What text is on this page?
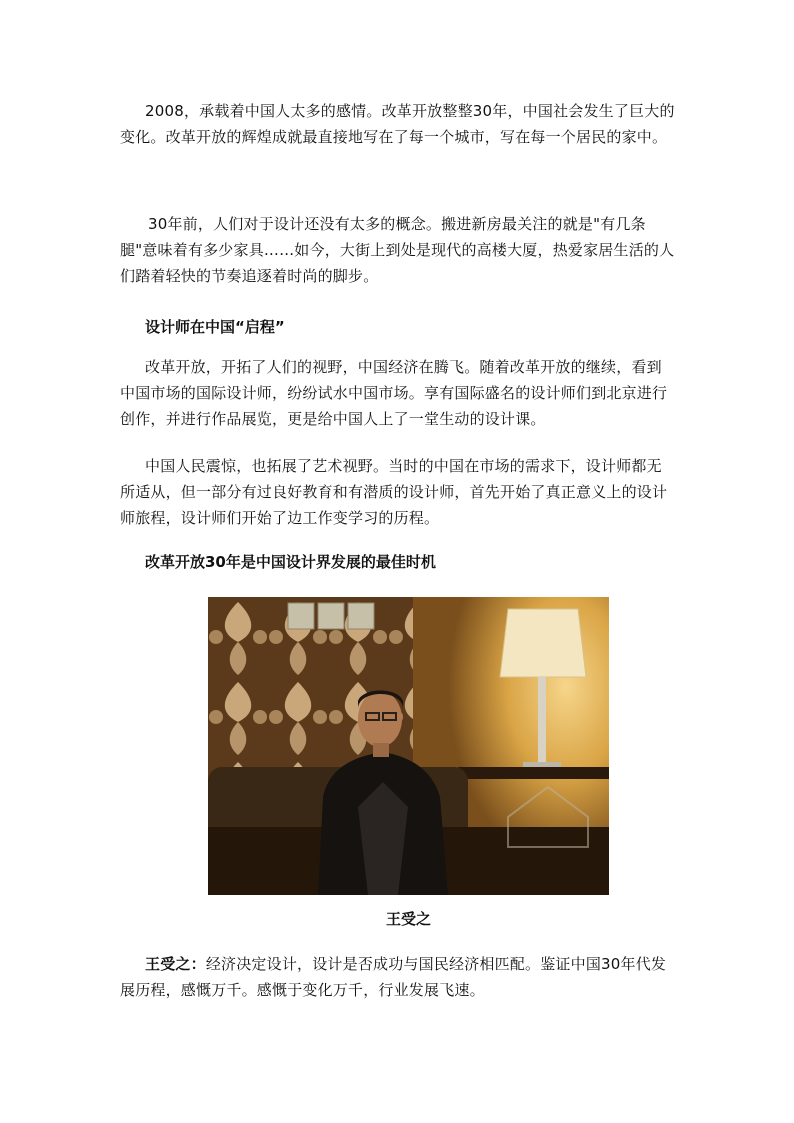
2008，承载着中国人太多的感情。改革开放整整30年，中国社会发生了巨大的变化。改革开放的辉煌成就最直接地写在了每一个城市，写在每一个居民的家中。

30年前，人们对于设计还没有太多的概念。搬进新房最关注的就是"有几条腿"意味着有多少家具……如今，大街上到处是现代的高楼大厦，热爱家居生活的人们踏着轻快的节奏追逐着时尚的脚步。

设计师在中国“启程”

改革开放，开拓了人们的视野，中国经济在腾飞。随着改革开放的继续，看到中国市场的国际设计师，纷纷试水中国市场。享有国际盛名的设计师们到北京进行创作，并进行作品展览，更是给中国人上了一堂生动的设计课。

中国人民震惊，也拓展了艺术视野。当时的中国在市场的需求下，设计师都无所适从，但一部分有过良好教育和有潜质的设计师，首先开始了真正意义上的设计师旅程，设计师们开始了边工作变学习的历程。

改革开放30年是中国设计界发展的最佳时机

王受之

王受之：经济决定设计，设计是否成功与国民经济相匹配。鉴证中国30年代发展历程，感慨万千。感慨于变化万千，行业发展飞速。
